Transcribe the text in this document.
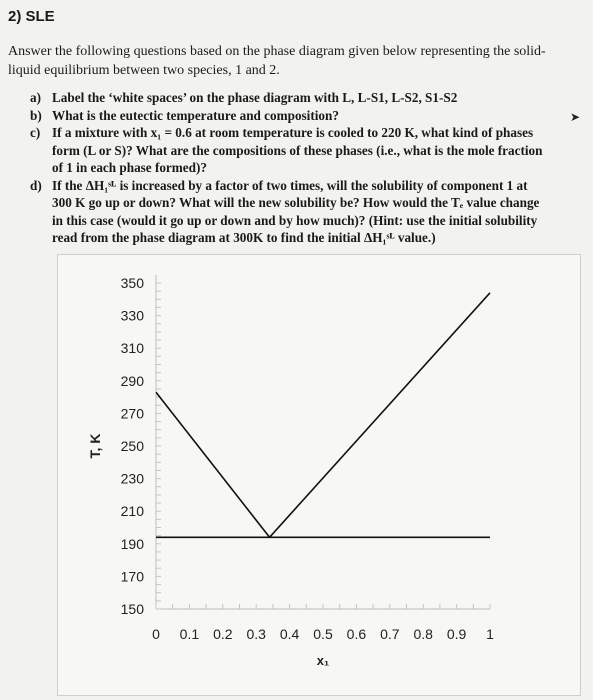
2) SLE
Answer the following questions based on the phase diagram given below representing the solid-liquid equilibrium between two species, 1 and 2.
a) Label the ‘white spaces’ on the phase diagram with L, L-S1, L-S2, S1-S2
b) What is the eutectic temperature and composition?
c) If a mixture with x₁ = 0.6 at room temperature is cooled to 220 K, what kind of phases form (L or S)? What are the compositions of these phases (i.e., what is the mole fraction of 1 in each phase formed)?
d) If the ΔH₁ˢᴸ is increased by a factor of two times, will the solubility of component 1 at 300 K go up or down? What will the new solubility be? How would the Tₑ value change in this case (would it go up or down and by how much)? (Hint: use the initial solubility read from the phase diagram at 300K to find the initial ΔH₁ˢᴸ value.)
➤
350
330
310
290
270
250
230
210
190
170
150
0 0.1 0.2 0.3 0.4 0.5 0.6 0.7 0.8 0.9 1
T, K
x₁
